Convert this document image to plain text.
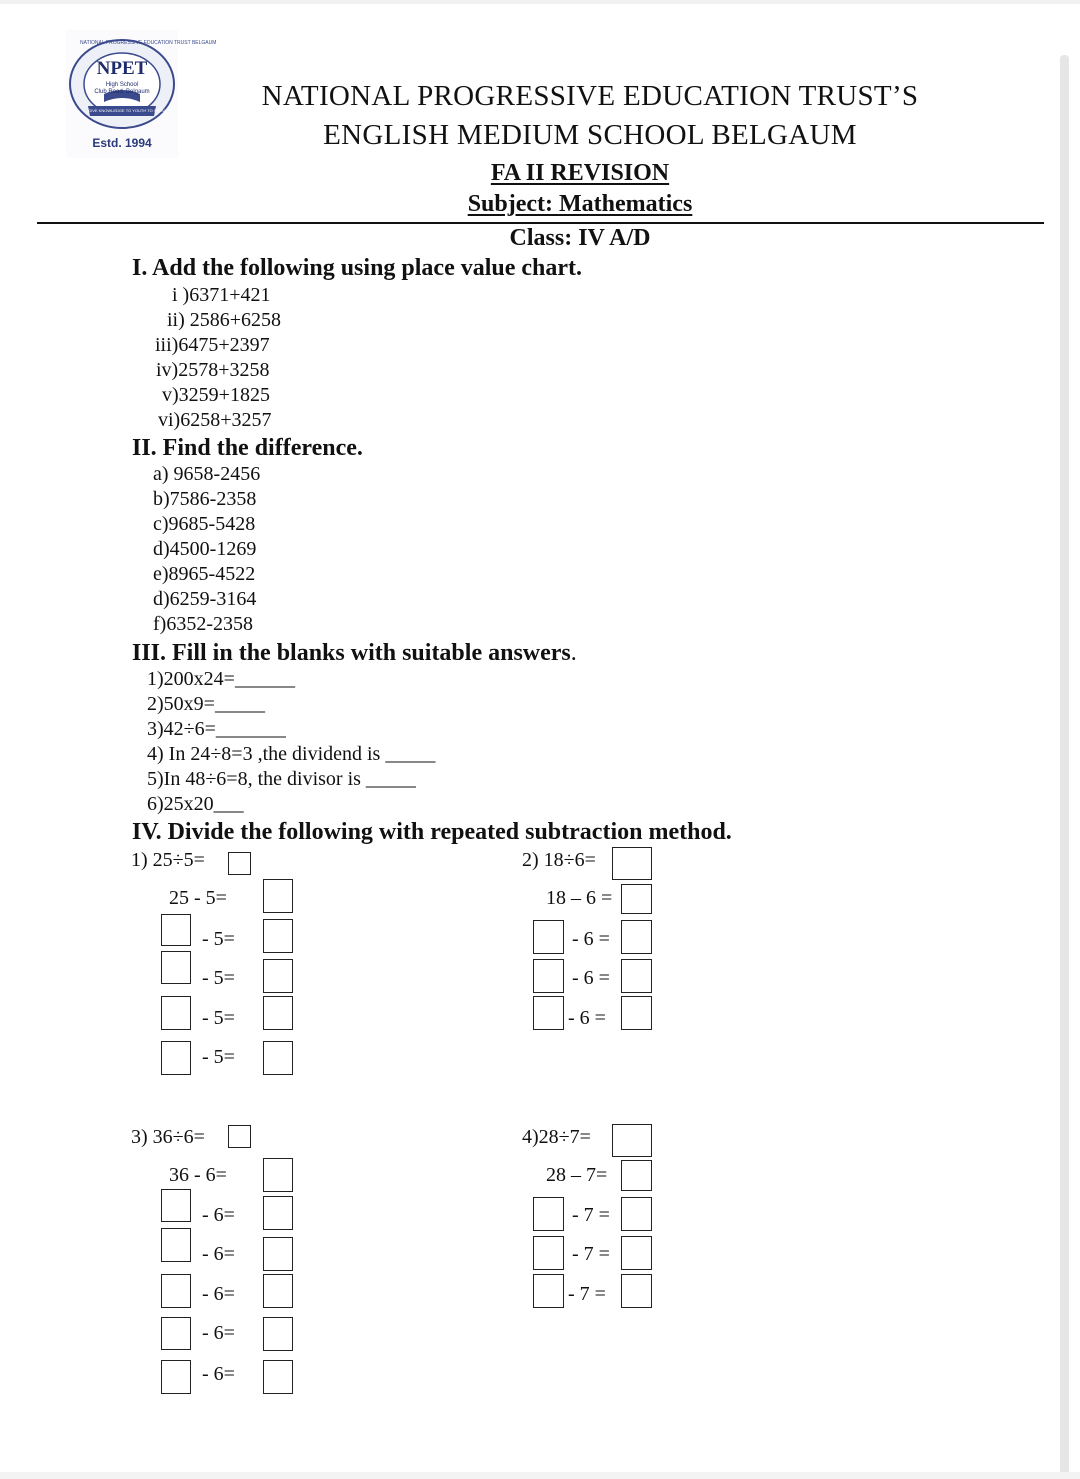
NPET
High School
Club Road, Belgaum
GIVE KNOWLEDGE TO YOUTH TO SERVE
NATIONAL PROGRESSIVE EDUCATION TRUST BELGAUM
Estd. 1994
NATIONAL PROGRESSIVE EDUCATION TRUST’S
ENGLISH MEDIUM SCHOOL BELGAUM
FA II REVISION
Subject: Mathematics
Class: IV A/D
I. Add the following using place value chart.
i )6371+421
ii) 2586+6258
iii)6475+2397
iv)2578+3258
v)3259+1825
vi)6258+3257
II. Find the difference.
a) 9658-2456
b)7586-2358
c)9685-5428
d)4500-1269
e)8965-4522
d)6259-3164
f)6352-2358
III. Fill in the blanks with suitable answers.
1)200x24=______
2)50x9=_____
3)42÷6=_______
4) In 24÷8=3 ,the dividend is _____
5)In 48÷6=8, the divisor is _____
6)25x20___
IV. Divide the following with repeated subtraction method.
1) 25÷5=
25 - 5=
- 5=
- 5=
- 5=
- 5=
2) 18÷6=
18 – 6 =
- 6 =
- 6 =
- 6 =
3) 36÷6=
36 - 6=
- 6=
- 6=
- 6=
- 6=
- 6=
4)28÷7=
28 – 7=
- 7 =
- 7 =
- 7 =
